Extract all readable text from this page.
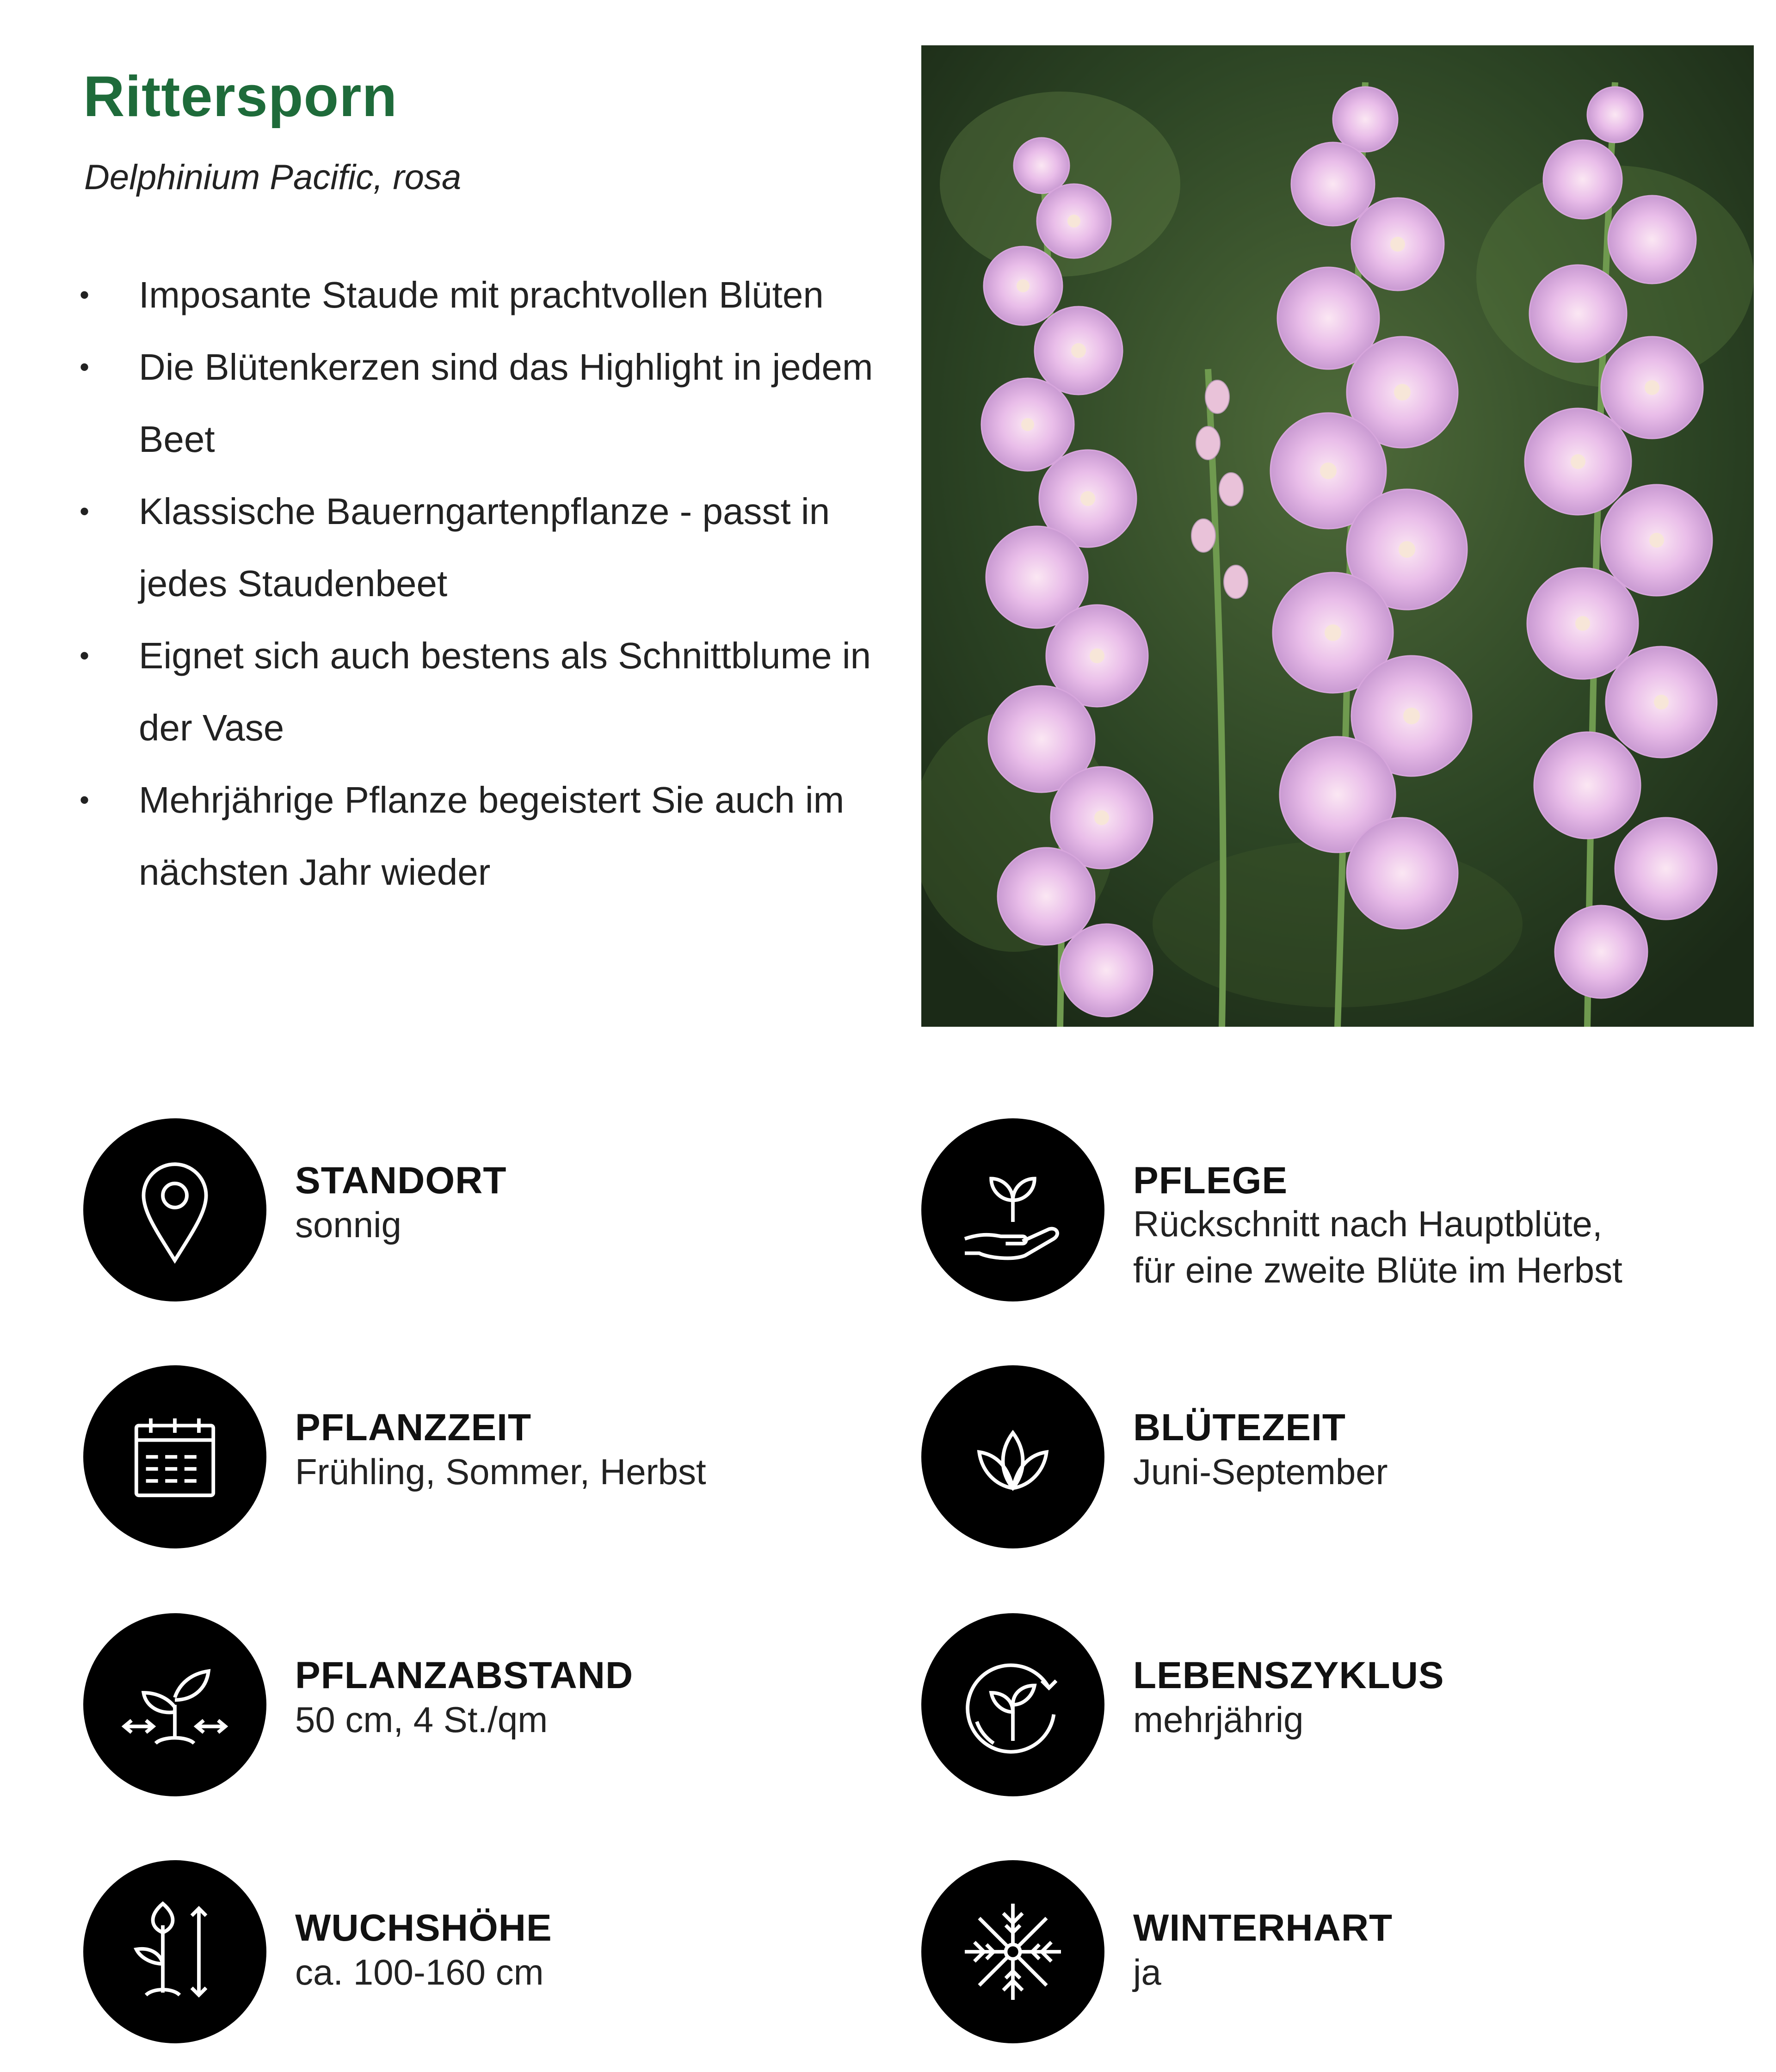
Rittersporn

Delphinium Pacific, rosa

• Imposante Staude mit prachtvollen Blüten
• Die Blütenkerzen sind das Highlight in jedem Beet
• Klassische Bauerngartenpflanze - passt in jedes Staudenbeet
• Eignet sich auch bestens als Schnittblume in der Vase
• Mehrjährige Pflanze begeistert Sie auch im nächsten Jahr wieder
STANDORT
sonnig
PFLEGE
Rückschnitt nach Hauptblüte,
für eine zweite Blüte im Herbst
PFLANZZEIT
Frühling, Sommer, Herbst
BLÜTEZEIT
Juni-September
PFLANZABSTAND
50 cm, 4 St./qm
LEBENSZYKLUS
mehrjährig
WUCHSHÖHE
ca. 100-160 cm
WINTERHART
ja
